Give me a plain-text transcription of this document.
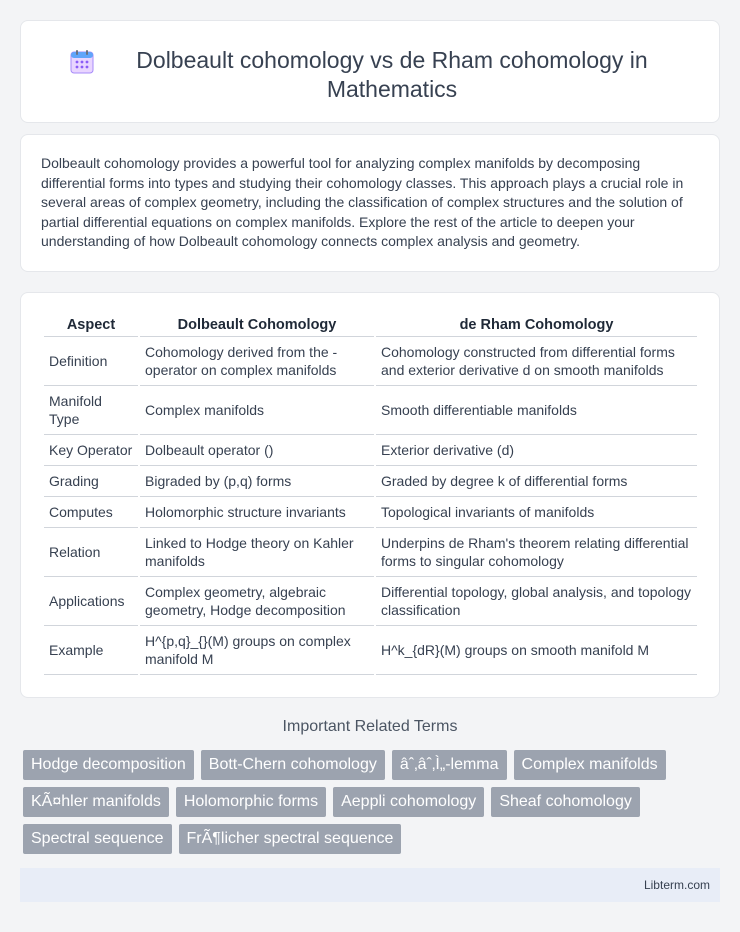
Dolbeault cohomology vs de Rham cohomology in Mathematics

Dolbeault cohomology provides a powerful tool for analyzing complex manifolds by decomposing differential forms into types and studying their cohomology classes. This approach plays a crucial role in several areas of complex geometry, including the classification of complex structures and the solution of partial differential equations on complex manifolds. Explore the rest of the article to deepen your understanding of how Dolbeault cohomology connects complex analysis and geometry.

Aspect	Dolbeault Cohomology	de Rham Cohomology
Definition	Cohomology derived from the - operator on complex manifolds	Cohomology constructed from differential forms and exterior derivative d on smooth manifolds
Manifold Type	Complex manifolds	Smooth differentiable manifolds
Key Operator	Dolbeault operator ()	Exterior derivative (d)
Grading	Bigraded by (p,q) forms	Graded by degree k of differential forms
Computes	Holomorphic structure invariants	Topological invariants of manifolds
Relation	Linked to Hodge theory on Kahler manifolds	Underpins de Rham's theorem relating differential forms to singular cohomology
Applications	Complex geometry, algebraic geometry, Hodge decomposition	Differential topology, global analysis, and topology classification
Example	H^{p,q}_{}(M) groups on complex manifold M	H^k_{dR}(M) groups on smooth manifold M
Important Related Terms
Hodge decomposition	Bott-Chern cohomology	âˆ‚âˆ‚Ì„-lemma	Complex manifolds
KÃ¤hler manifolds	Holomorphic forms	Aeppli cohomology	Sheaf cohomology
Spectral sequence	FrÃ¶licher spectral sequence
Libterm.com
